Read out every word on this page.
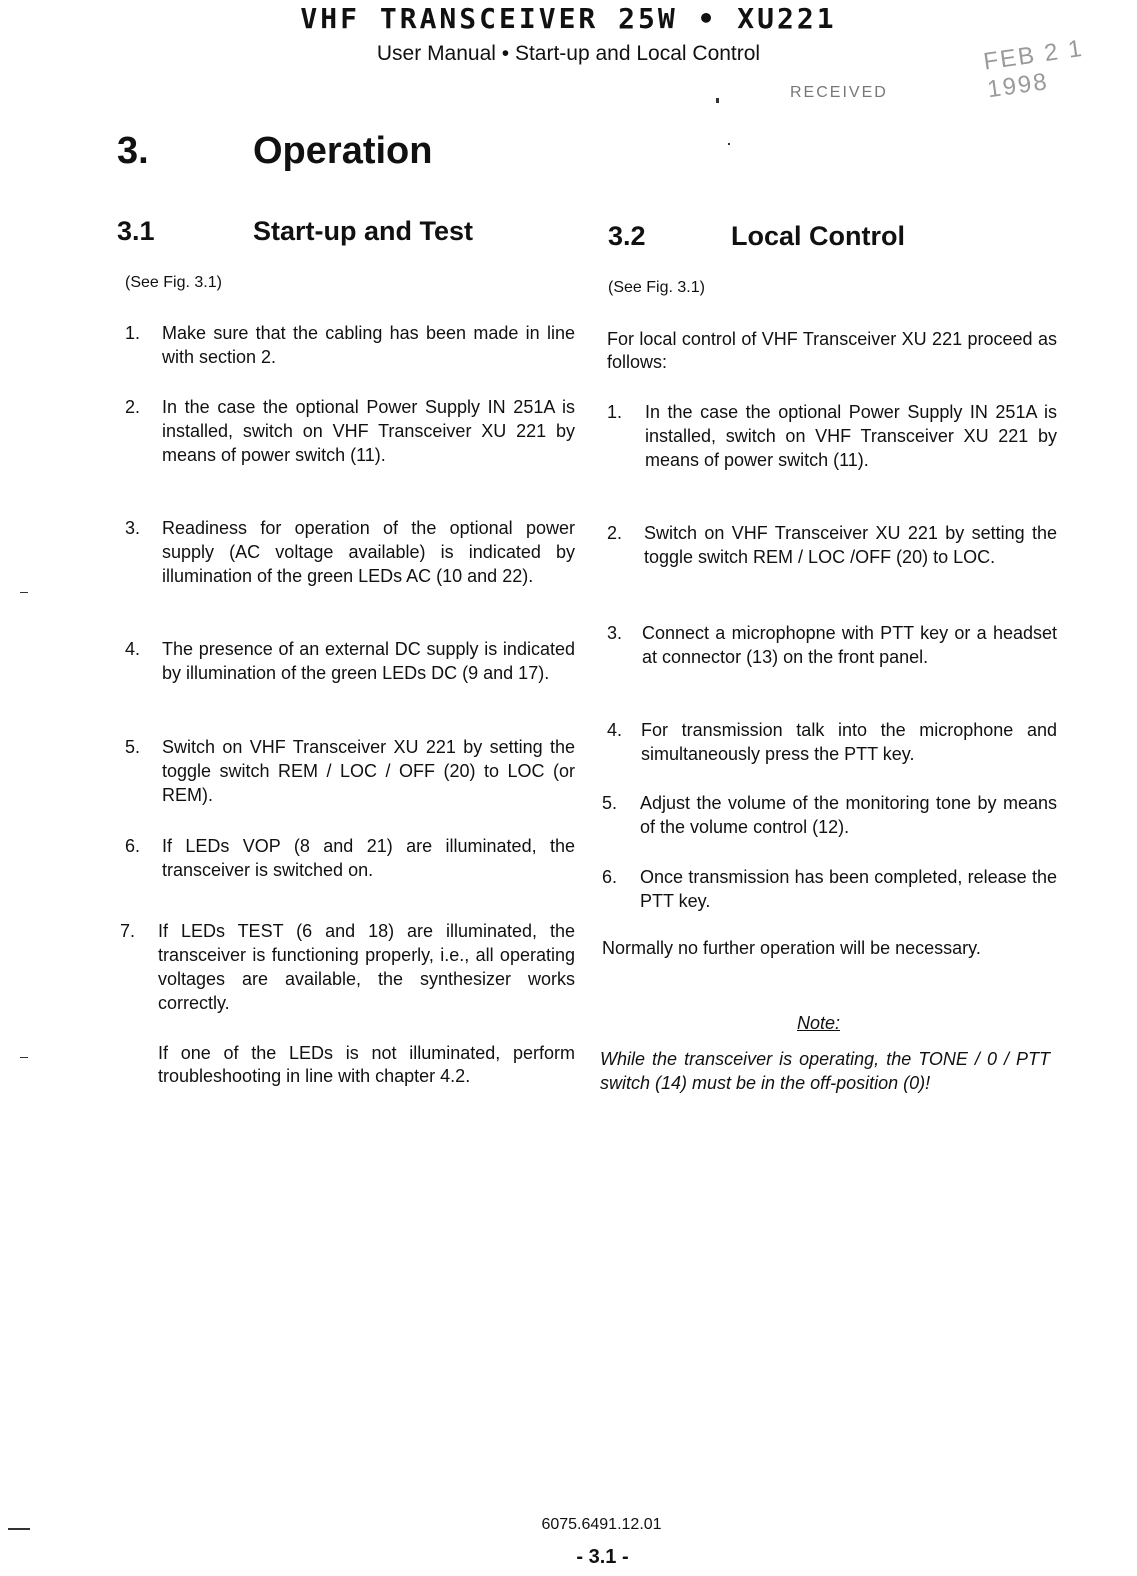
VHF TRANSCEIVER 25W • XU221
User Manual • Start-up and Local Control	FEB 2 1 1998
RECEIVED
3.	Operation
3.1	Start-up and Test
(See Fig. 3.1)
1. Make sure that the cabling has been made in line with section 2.
2. In the case the optional Power Supply IN 251A is installed, switch on VHF Transceiver XU 221 by means of power switch (11).
3. Readiness for operation of the optional power supply (AC voltage available) is indicated by illumination of the green LEDs AC (10 and 22).
4. The presence of an external DC supply is indicated by illumination of the green LEDs DC (9 and 17).
5. Switch on VHF Transceiver XU 221 by setting the toggle switch REM / LOC / OFF (20) to LOC (or REM).
6. If LEDs VOP (8 and 21) are illuminated, the transceiver is switched on.
7. If LEDs TEST (6 and 18) are illuminated, the transceiver is functioning properly, i.e., all operating voltages are available, the synthesizer works correctly.
If one of the LEDs is not illuminated, perform troubleshooting in line with chapter 4.2.
3.2	Local Control
(See Fig. 3.1)
For local control of VHF Transceiver XU 221 proceed as follows:
1. In the case the optional Power Supply IN 251A is installed, switch on VHF Transceiver XU 221 by means of power switch (11).
2. Switch on VHF Transceiver XU 221 by setting the toggle switch REM / LOC /OFF (20) to LOC.
3. Connect a microphopne with PTT key or a headset at connector (13) on the front panel.
4. For transmission talk into the microphone and simultaneously press the PTT key.
5. Adjust the volume of the monitoring tone by means of the volume control (12).
6. Once transmission has been completed, release the PTT key.
Normally no further operation will be necessary.
Note:
While the transceiver is operating, the TONE / 0 / PTT switch (14) must be in the off-position (0)!
6075.6491.12.01
- 3.1 -
